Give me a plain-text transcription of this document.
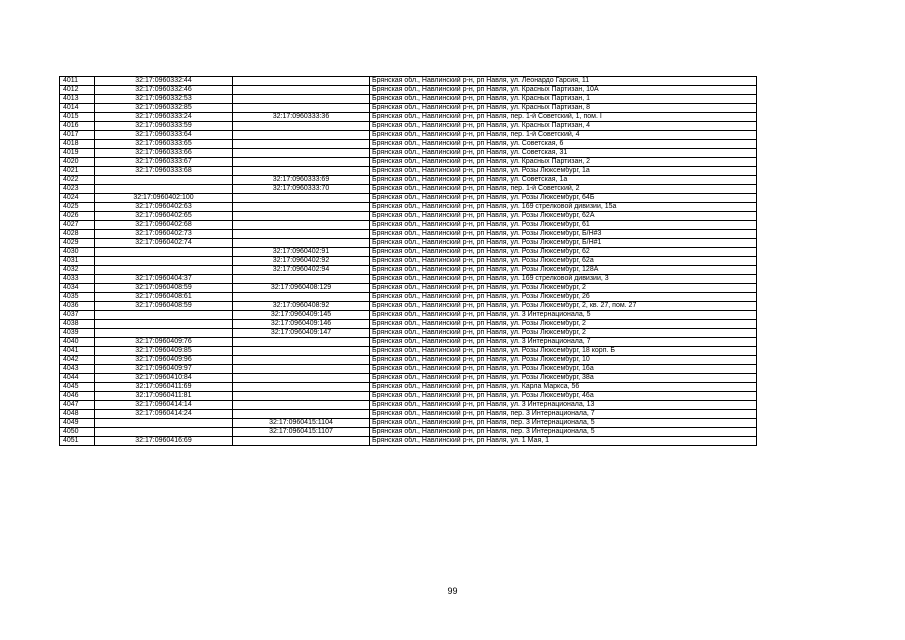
4011	32:17:0960332:44		Брянская обл., Навлинский р-н, рп Навля, ул. Леонардо Гарсия, 11
4012	32:17:0960332:46		Брянская обл., Навлинский р-н, рп Навля, ул. Красных Партизан, 10А
4013	32:17:0960332:53		Брянская обл., Навлинский р-н, рп Навля, ул. Красных Партизан, 1
4014	32:17:0960332:85		Брянская обл., Навлинский р-н, рп Навля, ул. Красных Партизан, 8
4015	32:17:0960333:24	32:17:0960333:36	Брянская обл., Навлинский р-н, рп Навля, пер. 1-й Советский, 1, пом. I
4016	32:17:0960333:59		Брянская обл., Навлинский р-н, рп Навля, ул. Красных Партизан, 4
4017	32:17:0960333:64		Брянская обл., Навлинский р-н, рп Навля, пер. 1-й Советский, 4
4018	32:17:0960333:65		Брянская обл., Навлинский р-н, рп Навля, ул. Советская, 6
4019	32:17:0960333:66		Брянская обл., Навлинский р-н, рп Навля, ул. Советская, 31
4020	32:17:0960333:67		Брянская обл., Навлинский р-н, рп Навля, ул. Красных Партизан, 2
4021	32:17:0960333:68		Брянская обл., Навлинский р-н, рп Навля, ул. Розы Люксембург, 1а
4022		32:17:0960333:69	Брянская обл., Навлинский р-н, рп Навля, ул. Советская, 1а
4023		32:17:0960333:70	Брянская обл., Навлинский р-н, рп Навля, пер. 1-й Советский, 2
4024	32:17:0960402:100		Брянская обл., Навлинский р-н, рп Навля, ул. Розы Люксембург, 64Б
4025	32:17:0960402:63		Брянская обл., Навлинский р-н, рп Навля, ул. 169 стрелковой дивизии, 15а
4026	32:17:0960402:65		Брянская обл., Навлинский р-н, рп Навля, ул. Розы Люксембург, 62А
4027	32:17:0960402:68		Брянская обл., Навлинский р-н, рп Навля, ул. Розы Люксембург, 61
4028	32:17:0960402:73		Брянская обл., Навлинский р-н, рп Навля, ул. Розы Люксембург, Б/Н#3
4029	32:17:0960402:74		Брянская обл., Навлинский р-н, рп Навля, ул. Розы Люксембург, Б/Н#1
4030		32:17:0960402:91	Брянская обл., Навлинский р-н, рп Навля, ул. Розы Люксембург, 62
4031		32:17:0960402:92	Брянская обл., Навлинский р-н, рп Навля, ул. Розы Люксембург, 62а
4032		32:17:0960402:94	Брянская обл., Навлинский р-н, рп Навля, ул. Розы Люксембург, 128А
4033	32:17:0960404:37		Брянская обл., Навлинский р-н, рп Навля, ул. 169 стрелковой дивизии, 3
4034	32:17:0960408:59	32:17:0960408:129	Брянская обл., Навлинский р-н, рп Навля, ул. Розы Люксембург, 2
4035	32:17:0960408:61		Брянская обл., Навлинский р-н, рп Навля, ул. Розы Люксембург, 26
4036	32:17:0960408:59	32:17:0960408:92	Брянская обл., Навлинский р-н, рп Навля, ул. Розы Люксембург, 2, кв. 27, пом. 27
4037		32:17:0960409:145	Брянская обл., Навлинский р-н, рп Навля, ул. 3 Интернационала, 5
4038		32:17:0960409:146	Брянская обл., Навлинский р-н, рп Навля, ул. Розы Люксембург, 2
4039		32:17:0960409:147	Брянская обл., Навлинский р-н, рп Навля, ул. Розы Люксембург, 2
4040	32:17:0960409:76		Брянская обл., Навлинский р-н, рп Навля, ул. 3 Интернационала, 7
4041	32:17:0960409:85		Брянская обл., Навлинский р-н, рп Навля, ул. Розы Люксембург, 18 корп. Б
4042	32:17:0960409:96		Брянская обл., Навлинский р-н, рп Навля, ул. Розы Люксембург, 10
4043	32:17:0960409:97		Брянская обл., Навлинский р-н, рп Навля, ул. Розы Люксембург, 16а
4044	32:17:0960410:84		Брянская обл., Навлинский р-н, рп Навля, ул. Розы Люксембург, 38а
4045	32:17:0960411:69		Брянская обл., Навлинский р-н, рп Навля, ул. Карла Маркса, 56
4046	32:17:0960411:81		Брянская обл., Навлинский р-н, рп Навля, ул. Розы Люксембург, 46а
4047	32:17:0960414:14		Брянская обл., Навлинский р-н, рп Навля, ул. 3 Интернационала, 13
4048	32:17:0960414:24		Брянская обл., Навлинский р-н, рп Навля, пер. 3 Интернационала, 7
4049		32:17:0960415:1104	Брянская обл., Навлинский р-н, рп Навля, пер. 3 Интернационала, 5
4050		32:17:0960415:1107	Брянская обл., Навлинский р-н, рп Навля, пер. 3 Интернационала, 5
4051	32:17:0960416:69		Брянская обл., Навлинский р-н, рп Навля, ул. 1 Мая, 1
99
